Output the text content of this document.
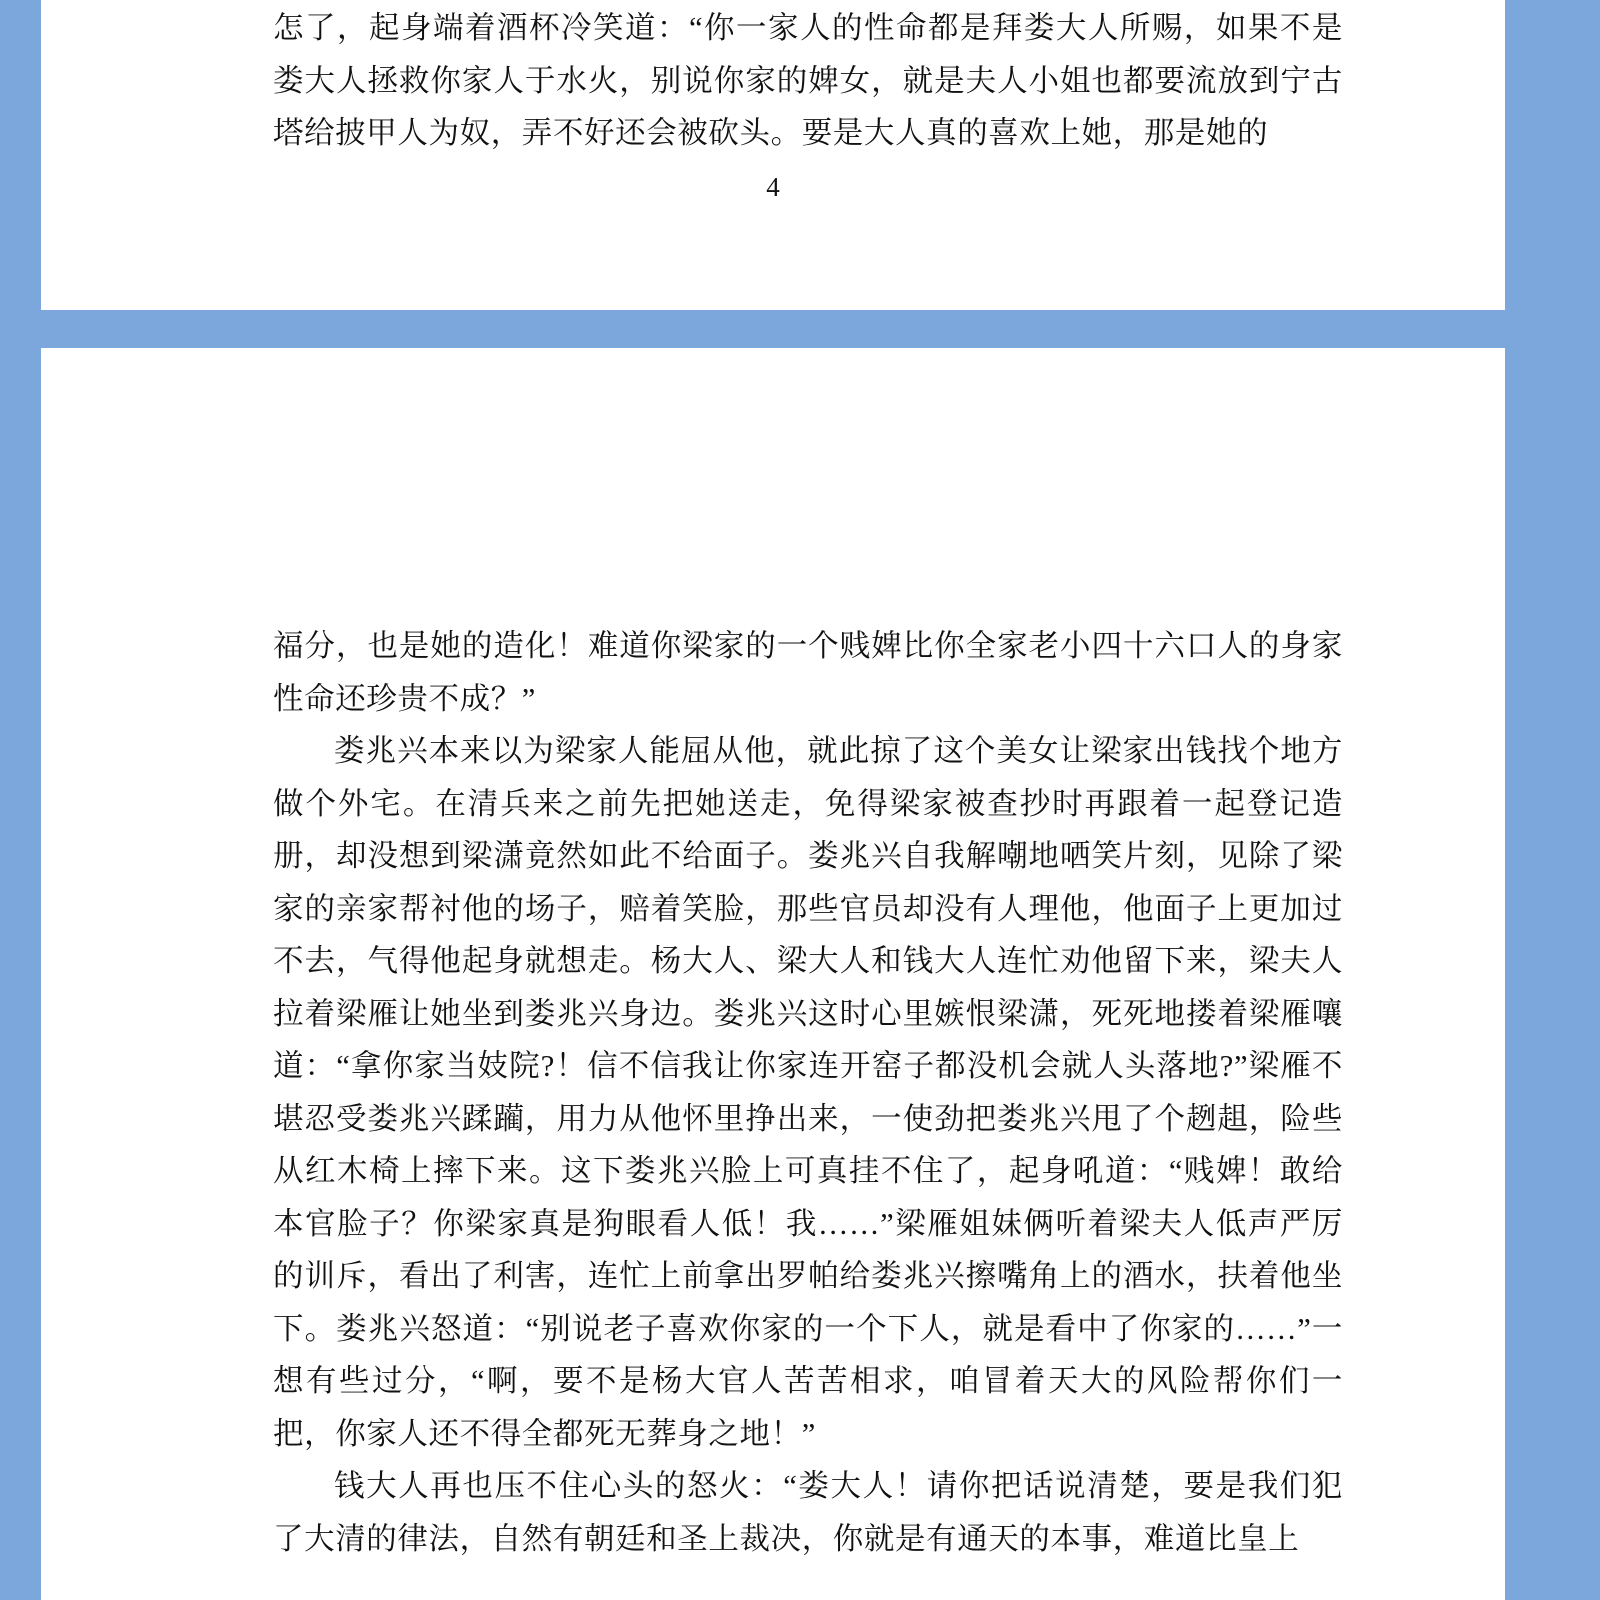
怎了，起身端着酒杯冷笑道：“你一家人的性命都是拜娄大人所赐，如果不是娄大人拯救你家人于水火，别说你家的婢女，就是夫人小姐也都要流放到宁古塔给披甲人为奴，弄不好还会被砍头。要是大人真的喜欢上她，那是她的

4

福分，也是她的造化！难道你梁家的一个贱婢比你全家老小四十六口人的身家性命还珍贵不成？”

娄兆兴本来以为梁家人能屈从他，就此掠了这个美女让梁家出钱找个地方做个外宅。在清兵来之前先把她送走，免得梁家被查抄时再跟着一起登记造册，却没想到梁潇竟然如此不给面子。娄兆兴自我解嘲地哂笑片刻，见除了梁家的亲家帮衬他的场子，赔着笑脸，那些官员却没有人理他，他面子上更加过不去，气得他起身就想走。杨大人、梁大人和钱大人连忙劝他留下来，梁夫人拉着梁雁让她坐到娄兆兴身边。娄兆兴这时心里嫉恨梁潇，死死地搂着梁雁嚷道：“拿你家当妓院?！信不信我让你家连开窑子都没机会就人头落地?”梁雁不堪忍受娄兆兴蹂躏，用力从他怀里挣出来，一使劲把娄兆兴甩了个趔趄，险些从红木椅上摔下来。这下娄兆兴脸上可真挂不住了，起身吼道：“贱婢！敢给本官脸子？你梁家真是狗眼看人低！我……”梁雁姐妹俩听着梁夫人低声严厉的训斥，看出了利害，连忙上前拿出罗帕给娄兆兴擦嘴角上的酒水，扶着他坐下。娄兆兴怒道：“别说老子喜欢你家的一个下人，就是看中了你家的……”一想有些过分，“啊，要不是杨大官人苦苦相求，咱冒着天大的风险帮你们一把，你家人还不得全都死无葬身之地！”

钱大人再也压不住心头的怒火：“娄大人！请你把话说清楚，要是我们犯了大清的律法，自然有朝廷和圣上裁决，你就是有通天的本事，难道比皇上
